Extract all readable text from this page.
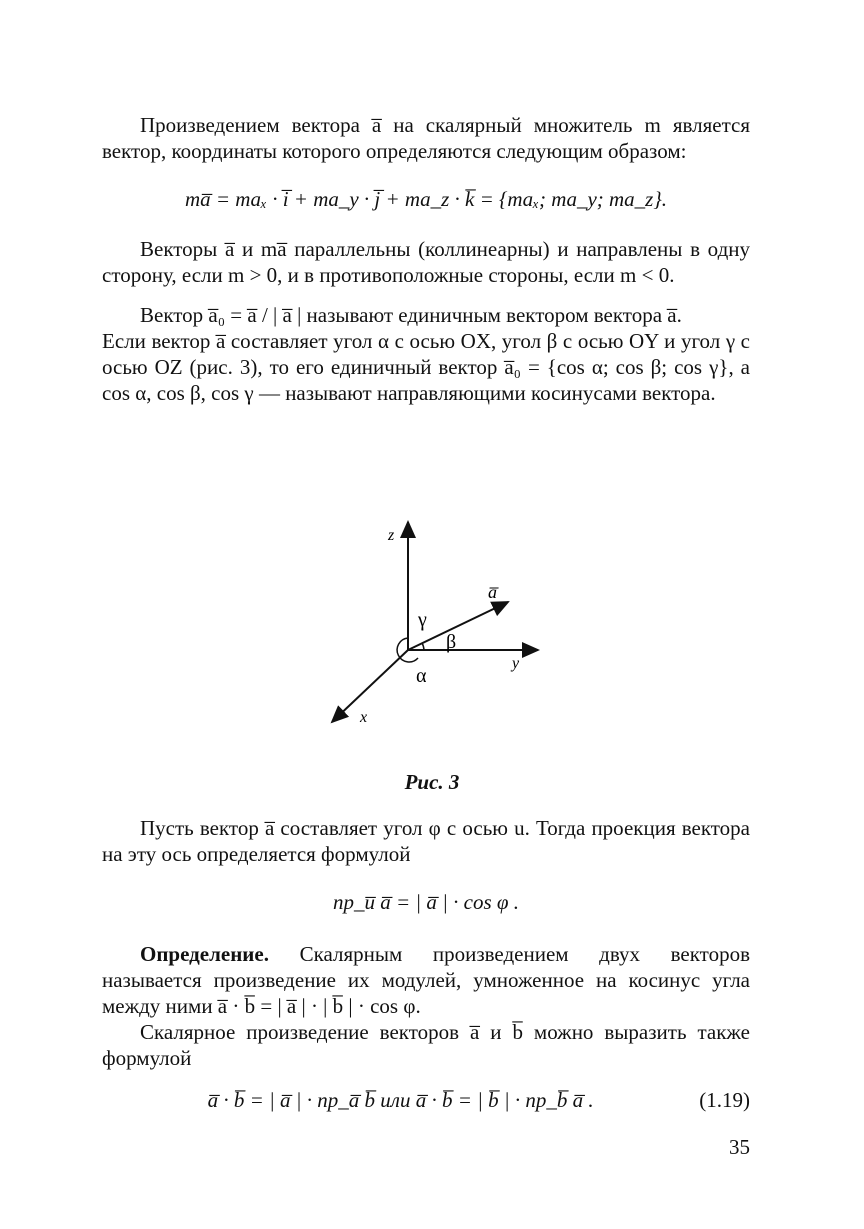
Произведением вектора a̅ на скалярный множитель m является вектор, координаты которого определяются следующим образом:

ma̅ = maₓ · i̅ + ma_y · j̅ + ma_z · k̅ = {maₓ; ma_y; ma_z}.

Векторы a̅ и ma̅ параллельны (коллинеарны) и направлены в одну сторону, если m > 0, и в противоположные стороны, если m < 0.

Вектор a̅₀ = a̅ / | a̅ | называют единичным вектором вектора a̅.

Если вектор a̅ составляет угол α с осью OX, угол β с осью OY и угол γ с осью OZ (рис. 3), то его единичный вектор a̅₀ = {cos α; cos β; cos γ}, а cos α, cos β, cos γ — называют направляющими косинусами вектора.

z
y
x
a̅
γ
β
α
Рис. 3

Пусть вектор a̅ составляет угол φ с осью u. Тогда проекция вектора на эту ось определяется формулой

np_u̅ a̅ = | a̅ | · cos φ .

Определение. Скалярным произведением двух векторов называется произведение их модулей, умноженное на косинус угла между ними a̅ · b̅ = | a̅ | · | b̅ | · cos φ.

Скалярное произведение векторов a̅ и b̅ можно выразить также формулой

a̅ · b̅ = | a̅ | · np_a̅ b̅ или a̅ · b̅ = | b̅ | · np_b̅ a̅ .	(1.19)

35
